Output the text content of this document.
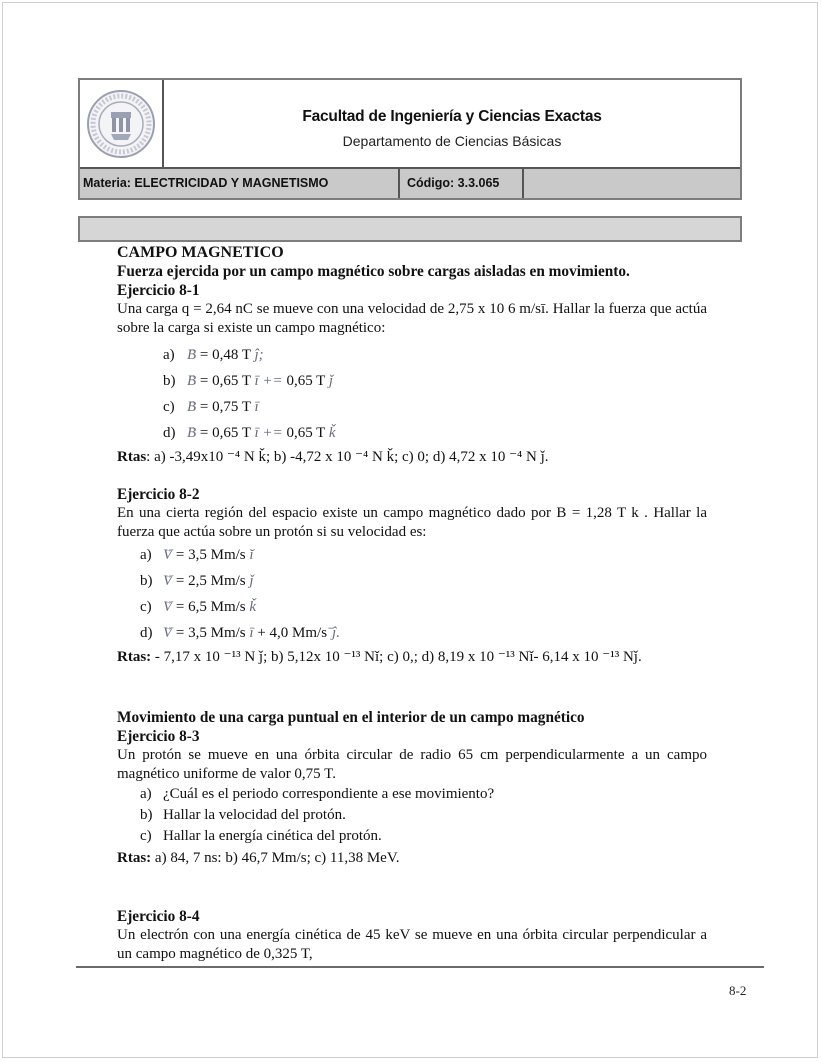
Facultad de Ingeniería y Ciencias Exactas
Departamento de Ciencias Básicas
Materia: ELECTRICIDAD Y MAGNETISMO	Código: 3.3.065
CAMPO MAGNETICO
Fuerza ejercida por un campo magnético sobre cargas aisladas en movimiento.
Ejercicio 8-1
Una carga q = 2,64 nC se mueve con una velocidad de 2,75 x 10 6 m/sī. Hallar la fuerza que actúa sobre la carga si existe un campo magnético:
a) → B = 0,48 T ĵ;
b) → B = 0,65 T ī += 0,65 T ǰ
c) → B = 0,75 T ī
d) → B = 0,65 T ī += 0,65 T ǩ
Rtas: a) -3,49x10 ⁻⁴ N ǩ; b) -4,72 x 10 ⁻⁴ N ǩ; c) 0; d) 4,72 x 10 ⁻⁴ N ǰ.
Ejercicio 8-2
En una cierta región del espacio existe un campo magnético dado por B = 1,28 T k . Hallar la fuerza que actúa sobre un protón si su velocidad es:
a) → V = 3,5 Mm/s ĭ
b) → V = 2,5 Mm/s ǰ
c) → V = 6,5 Mm/s ǩ
d) → V = 3,5 Mm/s ī + 4,0 Mm/sˉĵ.
Rtas: - 7,17 x 10 ⁻¹³ N ǰ; b) 5,12x 10 ⁻¹³ Nǐ; c) 0,; d) 8,19 x 10 ⁻¹³ Nǐ- 6,14 x 10 ⁻¹³ Nǰ.
Movimiento de una carga puntual en el interior de un campo magnético
Ejercicio 8-3
Un protón se mueve en una órbita circular de radio 65 cm perpendicularmente a un campo magnético uniforme de valor 0,75 T.
a) ¿Cuál es el periodo correspondiente a ese movimiento?
b) Hallar la velocidad del protón.
c) Hallar la energía cinética del protón.
Rtas: a) 84, 7 ns: b) 46,7 Mm/s; c) 11,38 MeV.
Ejercicio 8-4
Un electrón con una energía cinética de 45 keV se mueve en una órbita circular perpendicular a un campo magnético de 0,325 T,
8-2
